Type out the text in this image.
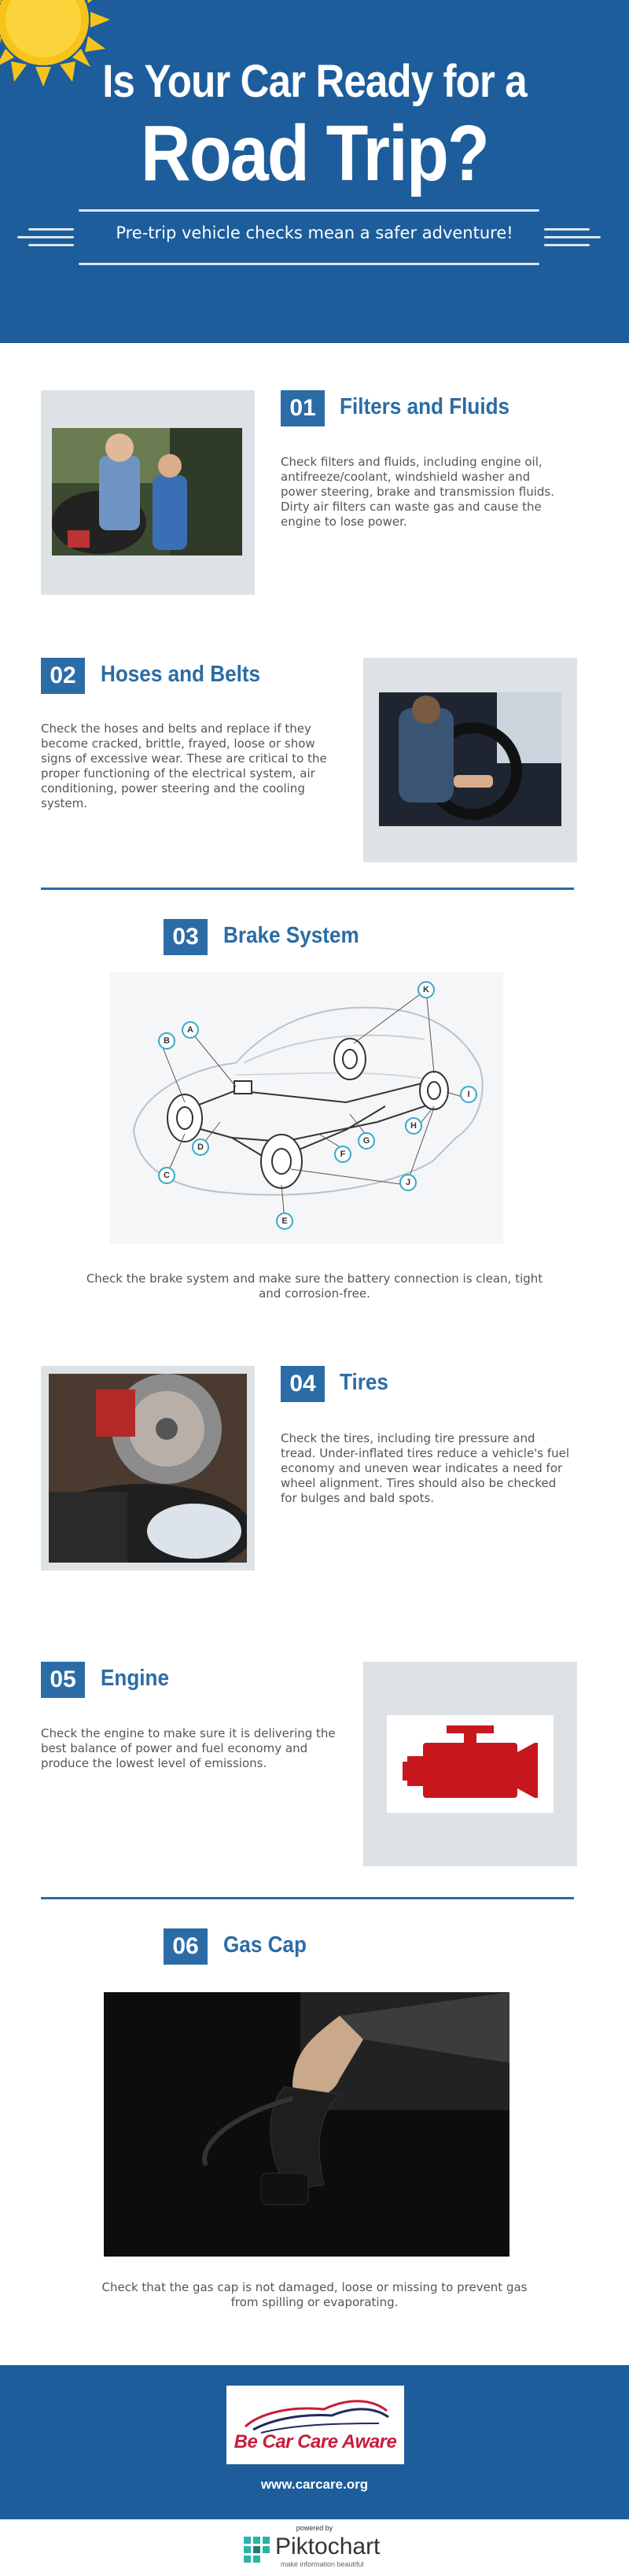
Is Your Car Ready for a
Road Trip?
Pre-trip vehicle checks mean a safer adventure!
01	Filters and Fluids
Check filters and fluids, including engine oil, antifreeze/coolant, windshield washer and power steering, brake and transmission fluids. Dirty air filters can waste gas and cause the engine to lose power.
02	Hoses and Belts
Check the hoses and belts and replace if they become cracked, brittle, frayed, loose or show signs of excessive wear. These are critical to the proper functioning of the electrical system, air conditioning, power steering and the cooling system.
03	Brake System
A
B
C
D
E
F
G
H
I
J
K
Check the brake system and make sure the battery connection is clean, tight and corrosion-free.
04	Tires
Check the tires, including tire pressure and tread. Under-inflated tires reduce a vehicle's fuel economy and uneven wear indicates a need for wheel alignment. Tires should also be checked for bulges and bald spots.
05	Engine
Check the engine to make sure it is delivering the best balance of power and fuel economy and produce the lowest level of emissions.
06	Gas Cap
Check that the gas cap is not damaged, loose or missing to prevent gas from spilling or evaporating.
Be Car Care Aware
www.carcare.org
powered by
Piktochart
make information beautiful
